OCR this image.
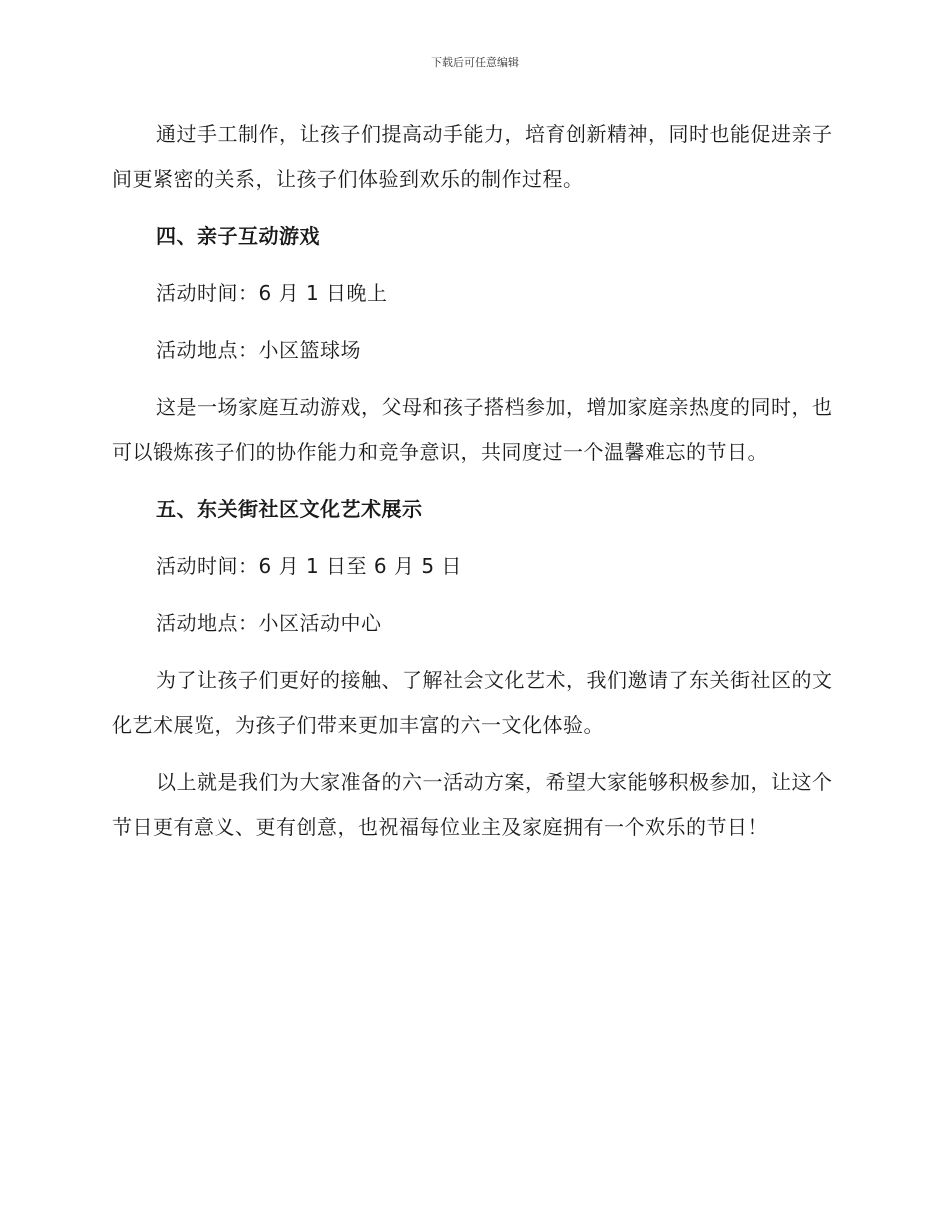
下载后可任意编辑

通过手工制作，让孩子们提高动手能力，培育创新精神，同时也能促进亲子间更紧密的关系，让孩子们体验到欢乐的制作过程。

四、亲子互动游戏

活动时间：6 月 1 日晚上

活动地点：小区篮球场

这是一场家庭互动游戏，父母和孩子搭档参加，增加家庭亲热度的同时，也可以锻炼孩子们的协作能力和竞争意识，共同度过一个温馨难忘的节日。

五、东关街社区文化艺术展示

活动时间：6 月 1 日至 6 月 5 日

活动地点：小区活动中心

为了让孩子们更好的接触、了解社会文化艺术，我们邀请了东关街社区的文化艺术展览，为孩子们带来更加丰富的六一文化体验。

以上就是我们为大家准备的六一活动方案，希望大家能够积极参加，让这个节日更有意义、更有创意，也祝福每位业主及家庭拥有一个欢乐的节日！
